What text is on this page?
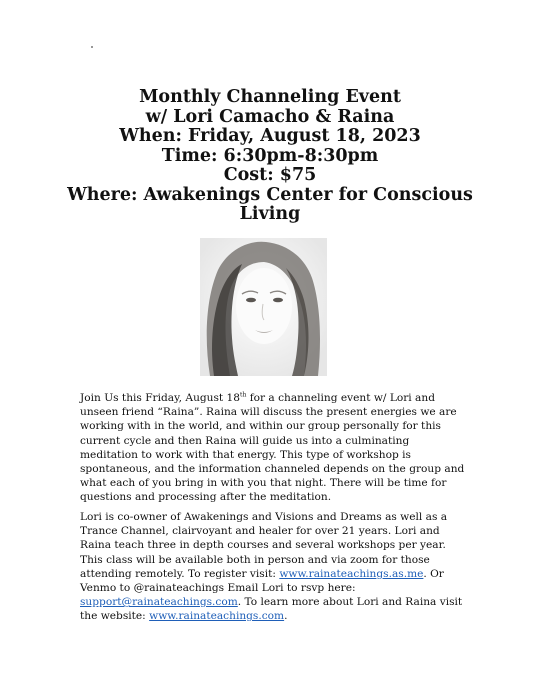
Monthly Channeling Event
w/ Lori Camacho & Raina
When: Friday, August 18, 2023
Time: 6:30pm-8:30pm
Cost: $75
Where: Awakenings Center for Conscious Living

Join Us this Friday, August 18th for a channeling event w/ Lori and unseen friend “Raina”. Raina will discuss the present energies we are working with in the world, and within our group personally for this current cycle and then Raina will guide us into a culminating meditation to work with that energy. This type of workshop is spontaneous, and the information channeled depends on the group and what each of you bring in with you that night. There will be time for questions and processing after the meditation.

Lori is co-owner of Awakenings and Visions and Dreams as well as a Trance Channel, clairvoyant and healer for over 21 years. Lori and Raina teach three in depth courses and several workshops per year. This class will be available both in person and via zoom for those attending remotely. To register visit: www.rainateachings.as.me. Or Venmo to @rainateachings Email Lori to rsvp here: support@rainateachings.com. To learn more about Lori and Raina visit the website: www.rainateachings.com.
